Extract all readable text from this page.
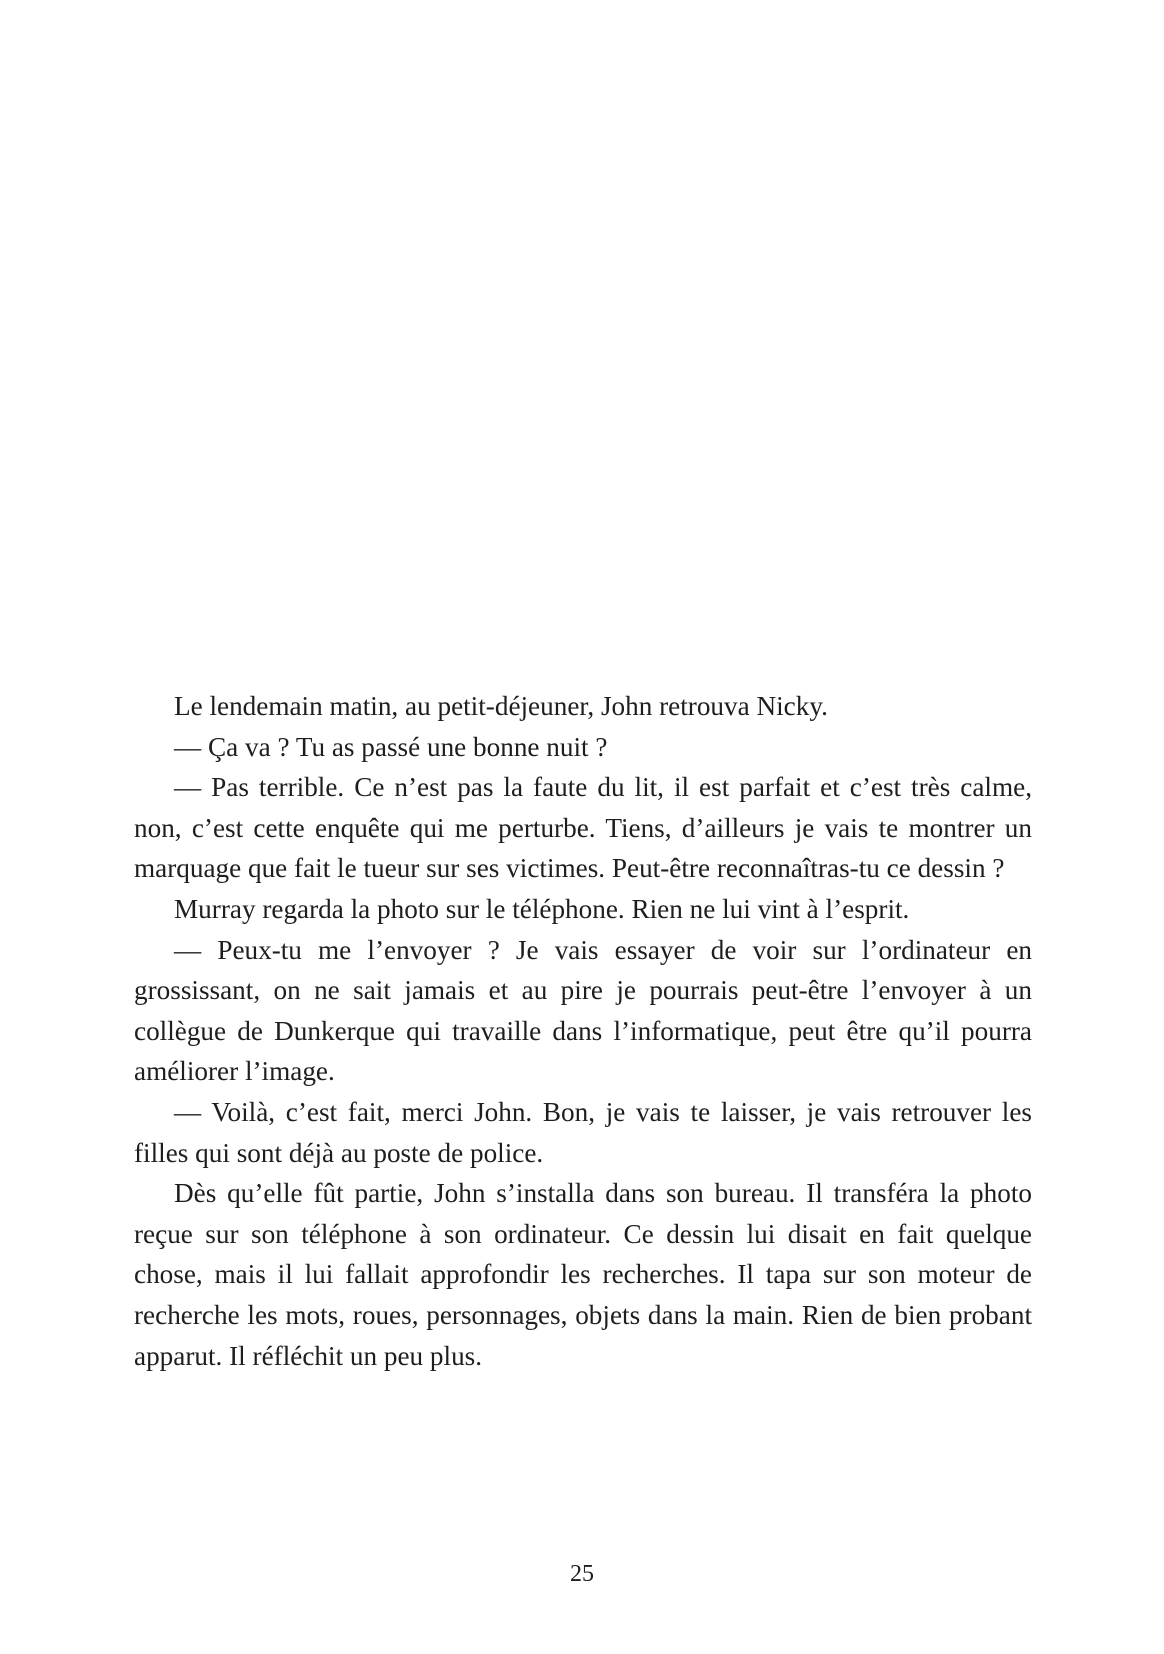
Le lendemain matin, au petit-déjeuner, John retrouva Nicky.

— Ça va ? Tu as passé une bonne nuit ?

— Pas terrible. Ce n’est pas la faute du lit, il est parfait et c’est très calme, non, c’est cette enquête qui me perturbe. Tiens, d’ailleurs je vais te montrer un marquage que fait le tueur sur ses victimes. Peut-être reconnaîtras-tu ce dessin ?

Murray regarda la photo sur le téléphone. Rien ne lui vint à l’esprit.

— Peux-tu me l’envoyer ? Je vais essayer de voir sur l’ordinateur en grossissant, on ne sait jamais et au pire je pourrais peut-être l’envoyer à un collègue de Dunkerque qui travaille dans l’informatique, peut être qu’il pourra améliorer l’image.

— Voilà, c’est fait, merci John. Bon, je vais te laisser, je vais retrouver les filles qui sont déjà au poste de police.

Dès qu’elle fût partie, John s’installa dans son bureau. Il transféra la photo reçue sur son téléphone à son ordinateur. Ce dessin lui disait en fait quelque chose, mais il lui fallait approfondir les recherches. Il tapa sur son moteur de recherche les mots, roues, personnages, objets dans la main. Rien de bien probant apparut. Il réfléchit un peu plus.

25
